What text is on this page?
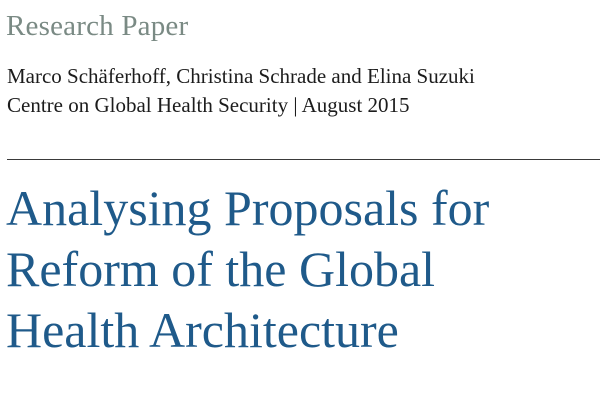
Research Paper
Marco Schäferhoff, Christina Schrade and Elina Suzuki
Centre on Global Health Security | August 2015
Analysing Proposals for
Reform of the Global
Health Architecture
